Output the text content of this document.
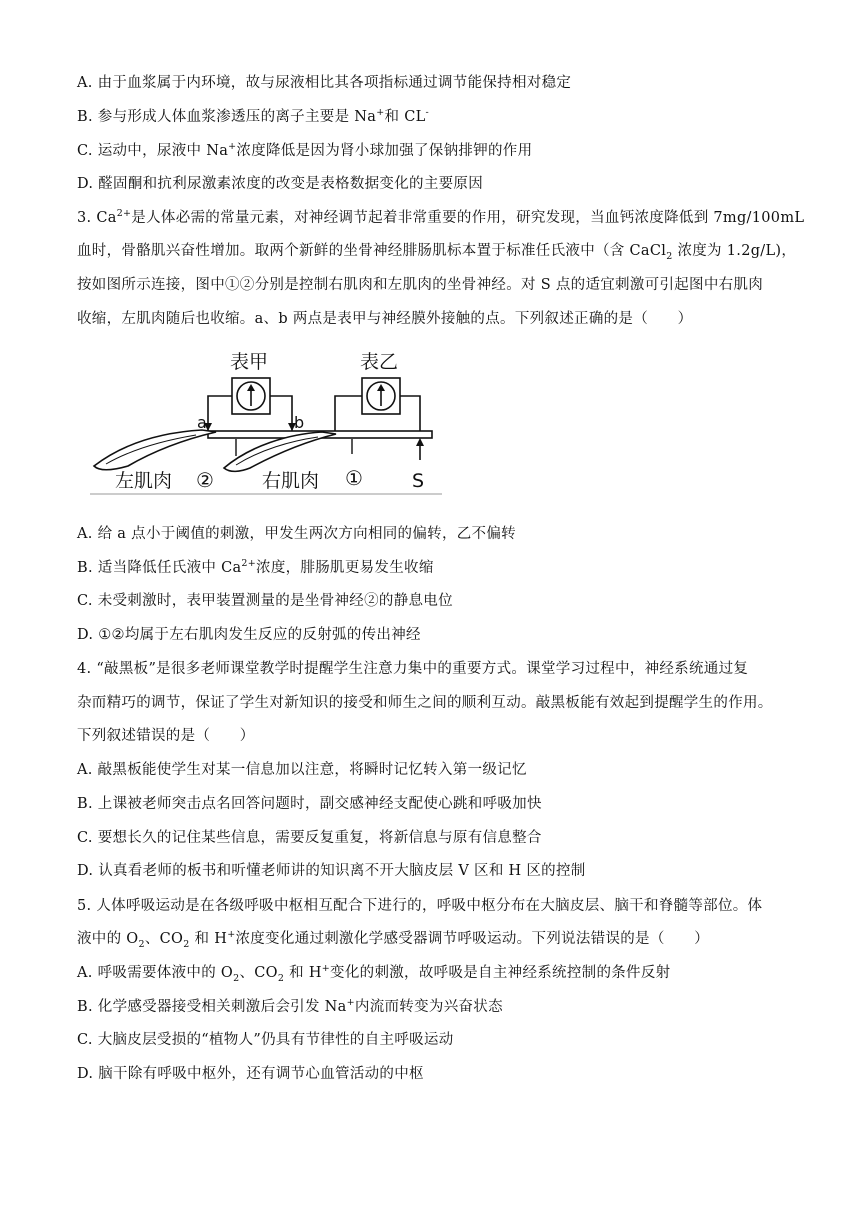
A. 由于血浆属于内环境，故与尿液相比其各项指标通过调节能保持相对稳定
B. 参与形成人体血浆渗透压的离子主要是 Na+和 CL-
C. 运动中，尿液中 Na+浓度降低是因为肾小球加强了保钠排钾的作用
D. 醛固酮和抗利尿激素浓度的改变是表格数据变化的主要原因
3. $Ca^{2+}$是人体必需的常量元素，对神经调节起着非常重要的作用，研究发现，当血钙浓度降低到 7mg/100mL
血时，骨骼肌兴奋性增加。取两个新鲜的坐骨神经腓肠肌标本置于标准任氏液中（含 CaCl$_2$ 浓度为 1.2g/L)，
按如图所示连接，图中①②分别是控制右肌肉和左肌肉的坐骨神经。对 S 点的适宜刺激可引起图中右肌肉
收缩，左肌肉随后也收缩。a、b 两点是表甲与神经膜外接触的点。下列叙述正确的是（　　）
表甲	表乙
a	b
左肌肉 ②	右肌肉 ①	S
A. 给 a 点小于阈值的刺激，甲发生两次方向相同的偏转，乙不偏转
B. 适当降低任氏液中 $Ca^{2+}$浓度，腓肠肌更易发生收缩
C. 未受刺激时，表甲装置测量的是坐骨神经②的静息电位
D. ①②均属于左右肌肉发生反应的反射弧的传出神经
4. “敲黑板”是很多老师课堂教学时提醒学生注意力集中的重要方式。课堂学习过程中，神经系统通过复
杂而精巧的调节，保证了学生对新知识的接受和师生之间的顺利互动。敲黑板能有效起到提醒学生的作用。
下列叙述错误的是（　　）
A. 敲黑板能使学生对某一信息加以注意，将瞬时记忆转入第一级记忆
B. 上课被老师突击点名回答问题时，副交感神经支配使心跳和呼吸加快
C. 要想长久的记住某些信息，需要反复重复，将新信息与原有信息整合
D. 认真看老师的板书和听懂老师讲的知识离不开大脑皮层 V 区和 H 区的控制
5. 人体呼吸运动是在各级呼吸中枢相互配合下进行的，呼吸中枢分布在大脑皮层、脑干和脊髓等部位。体
液中的 $O_2$、$CO_2$ 和 H+浓度变化通过刺激化学感受器调节呼吸运动。下列说法错误的是（　　）
A. 呼吸需要体液中的 $O_2$、$CO_2$ 和 H+变化的刺激，故呼吸是自主神经系统控制的条件反射
B. 化学感受器接受相关刺激后会引发 Na+内流而转变为兴奋状态
C. 大脑皮层受损的“植物人”仍具有节律性的自主呼吸运动
D. 脑干除有呼吸中枢外，还有调节心血管活动的中枢
